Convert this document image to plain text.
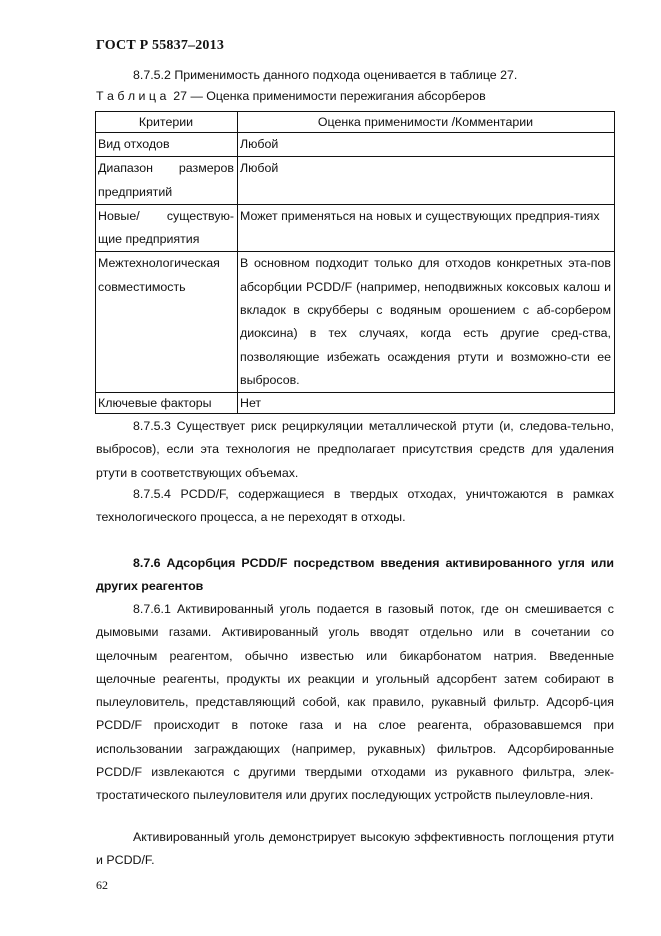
ГОСТ Р 55837–2013

8.7.5.2 Применимость данного подхода оценивается в таблице 27.

Т а б л и ц а  27 — Оценка применимости пережигания абсорберов
Критерии	Оценка применимости /Комментарии
Вид отходов	Любой
Диапазон размеров предприятий	Любой
Новые/ существую-щие предприятия	Может применяться на новых и существующих предприя-тиях
Межтехнологическая совместимость	В основном подходит только для отходов конкретных эта-пов абсорбции PCDD/F (например, неподвижных коксовых калош и вкладок в скрубберы с водяным орошением с аб-сорбером диоксина) в тех случаях, когда есть другие сред-ства, позволяющие избежать осаждения ртути и возможно-сти ее выбросов.
Ключевые факторы	Нет

8.7.5.3 Существует риск рециркуляции металлической ртути (и, следова-тельно, выбросов), если эта технология не предполагает присутствия средств для удаления ртути в соответствующих объемах.

8.7.5.4 PCDD/F, содержащиеся в твердых отходах, уничтожаются в рамках технологического процесса, а не переходят в отходы.

8.7.6 Адсорбция PCDD/F посредством введения активированного угля или других реагентов

8.7.6.1 Активированный уголь подается в газовый поток, где он смешивается с дымовыми газами. Активированный уголь вводят отдельно или в сочетании со щелочным реагентом, обычно известью или бикарбонатом натрия. Введенные щелочные реагенты, продукты их реакции и угольный адсорбент затем собирают в пылеуловитель, представляющий собой, как правило, рукавный фильтр. Адсорб-ция PCDD/F происходит в потоке газа и на слое реагента, образовавшемся при использовании заграждающих (например, рукавных) фильтров. Адсорбированные PCDD/F извлекаются с другими твердыми отходами из рукавного фильтра, элек-тростатического пылеуловителя или других последующих устройств пылеуловле-ния.

Активированный уголь демонстрирует высокую эффективность поглощения ртути и PCDD/F.

62
